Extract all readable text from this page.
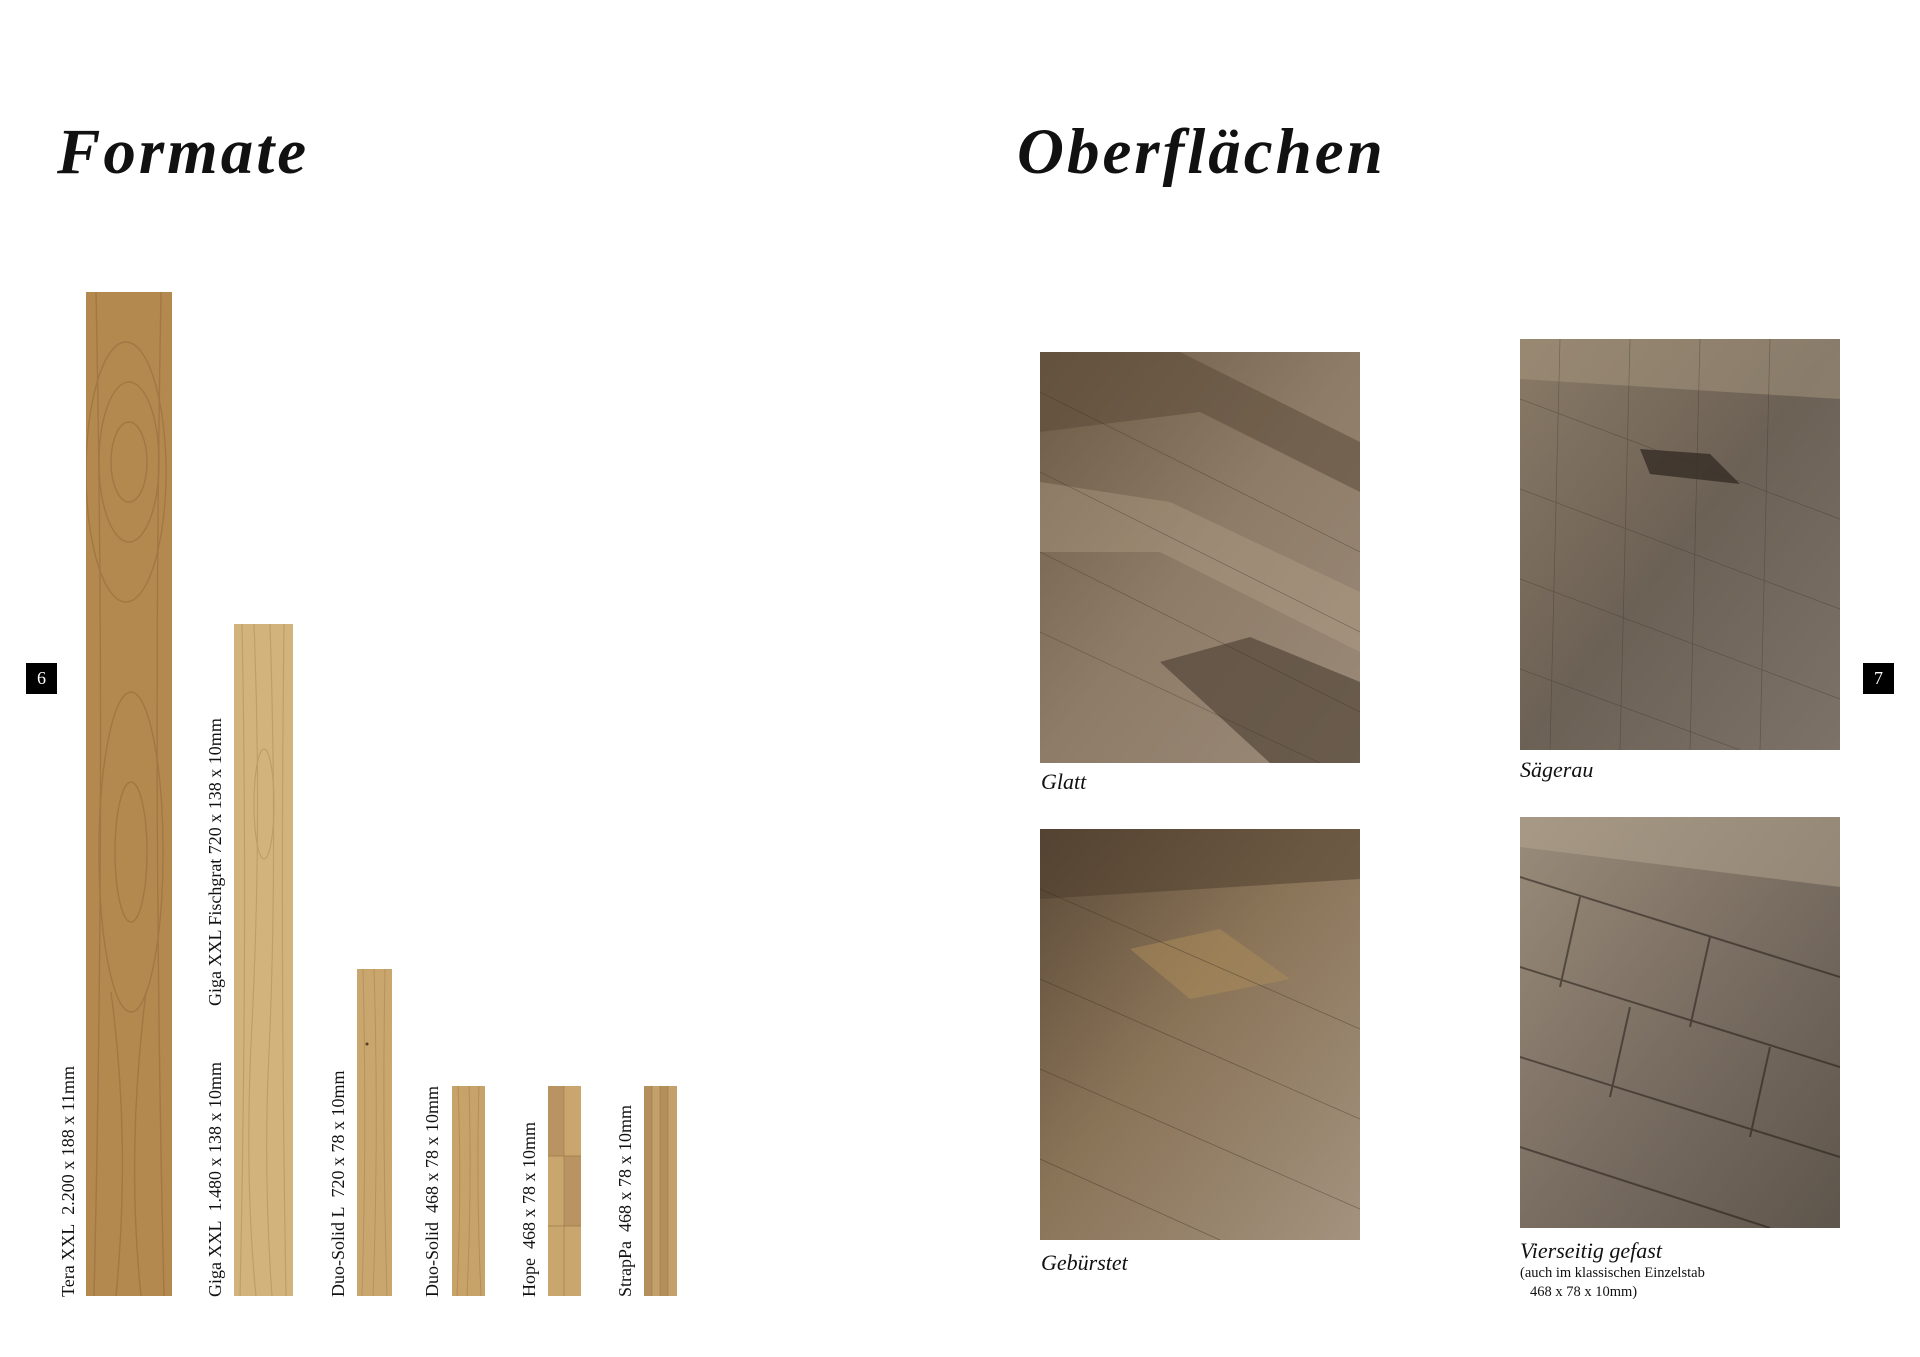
Formate
6
Tera XXL  2.200 x 188 x 11mm
Giga XXL  1.480 x 138 x 10mm
Giga XXL Fischgrat 720 x 138 x 10mm
Duo-Solid L  720 x 78 x 10mm
Duo-Solid  468 x 78 x 10mm
Hope  468 x 78 x 10mm
StrapPa  468 x 78 x 10mm
Oberflächen
7
Glatt	Sägerau
Gebürstet	Vierseitig gefast
(auch im klassischen Einzelstab
468 x 78 x 10mm)
